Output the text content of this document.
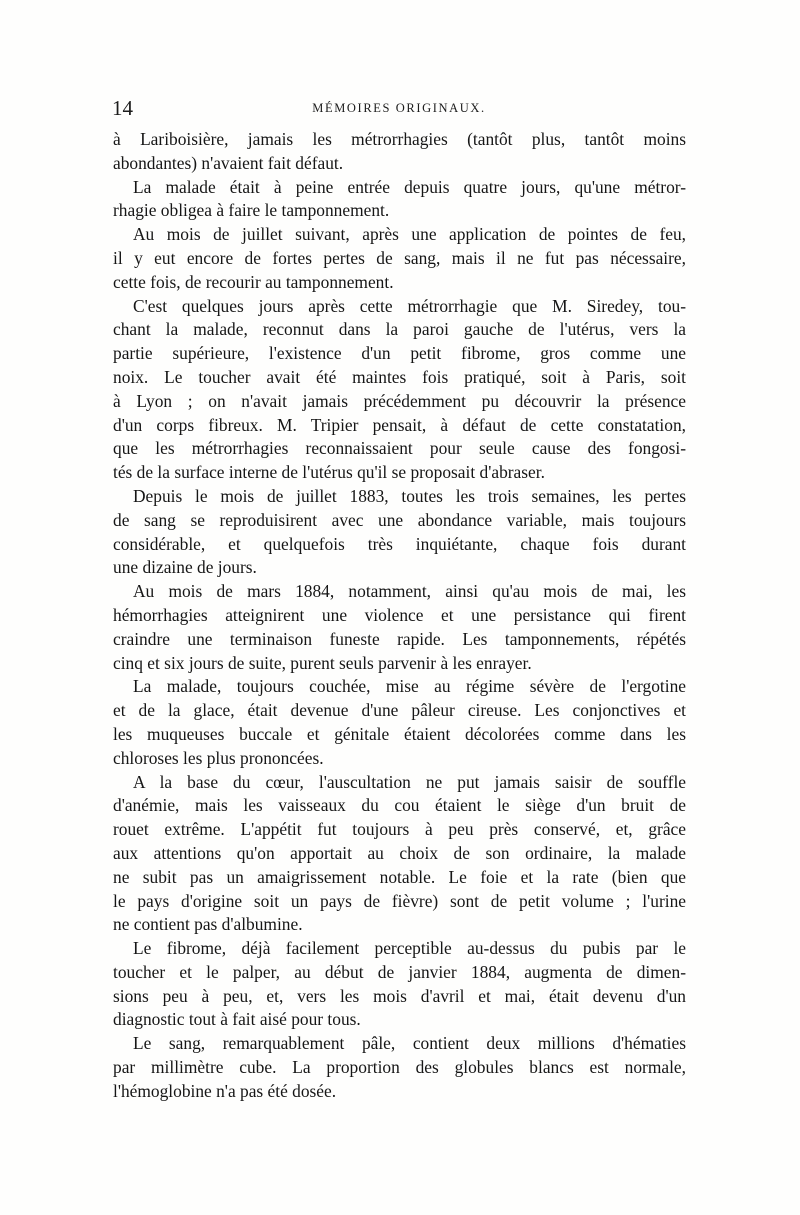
14	MÉMOIRES ORIGINAUX.
à Lariboisière, jamais les métrorrhagies (tantôt plus, tantôt moins
abondantes) n'avaient fait défaut.
La malade était à peine entrée depuis quatre jours, qu'une métror-
rhagie obligea à faire le tamponnement.
Au mois de juillet suivant, après une application de pointes de feu,
il y eut encore de fortes pertes de sang, mais il ne fut pas nécessaire,
cette fois, de recourir au tamponnement.
C'est quelques jours après cette métrorrhagie que M. Siredey, tou-
chant la malade, reconnut dans la paroi gauche de l'utérus, vers la
partie supérieure, l'existence d'un petit fibrome, gros comme une
noix. Le toucher avait été maintes fois pratiqué, soit à Paris, soit
à Lyon ; on n'avait jamais précédemment pu découvrir la présence
d'un corps fibreux. M. Tripier pensait, à défaut de cette constatation,
que les métrorrhagies reconnaissaient pour seule cause des fongosi-
tés de la surface interne de l'utérus qu'il se proposait d'abraser.
Depuis le mois de juillet 1883, toutes les trois semaines, les pertes
de sang se reproduisirent avec une abondance variable, mais toujours
considérable, et quelquefois très inquiétante, chaque fois durant
une dizaine de jours.
Au mois de mars 1884, notamment, ainsi qu'au mois de mai, les
hémorrhagies atteignirent une violence et une persistance qui firent
craindre une terminaison funeste rapide. Les tamponnements, répétés
cinq et six jours de suite, purent seuls parvenir à les enrayer.
La malade, toujours couchée, mise au régime sévère de l'ergotine
et de la glace, était devenue d'une pâleur cireuse. Les conjonctives et
les muqueuses buccale et génitale étaient décolorées comme dans les
chloroses les plus prononcées.
A la base du cœur, l'auscultation ne put jamais saisir de souffle
d'anémie, mais les vaisseaux du cou étaient le siège d'un bruit de
rouet extrême. L'appétit fut toujours à peu près conservé, et, grâce
aux attentions qu'on apportait au choix de son ordinaire, la malade
ne subit pas un amaigrissement notable. Le foie et la rate (bien que
le pays d'origine soit un pays de fièvre) sont de petit volume ; l'urine
ne contient pas d'albumine.
Le fibrome, déjà facilement perceptible au-dessus du pubis par le
toucher et le palper, au début de janvier 1884, augmenta de dimen-
sions peu à peu, et, vers les mois d'avril et mai, était devenu d'un
diagnostic tout à fait aisé pour tous.
Le sang, remarquablement pâle, contient deux millions d'hématies
par millimètre cube. La proportion des globules blancs est normale,
l'hémoglobine n'a pas été dosée.
